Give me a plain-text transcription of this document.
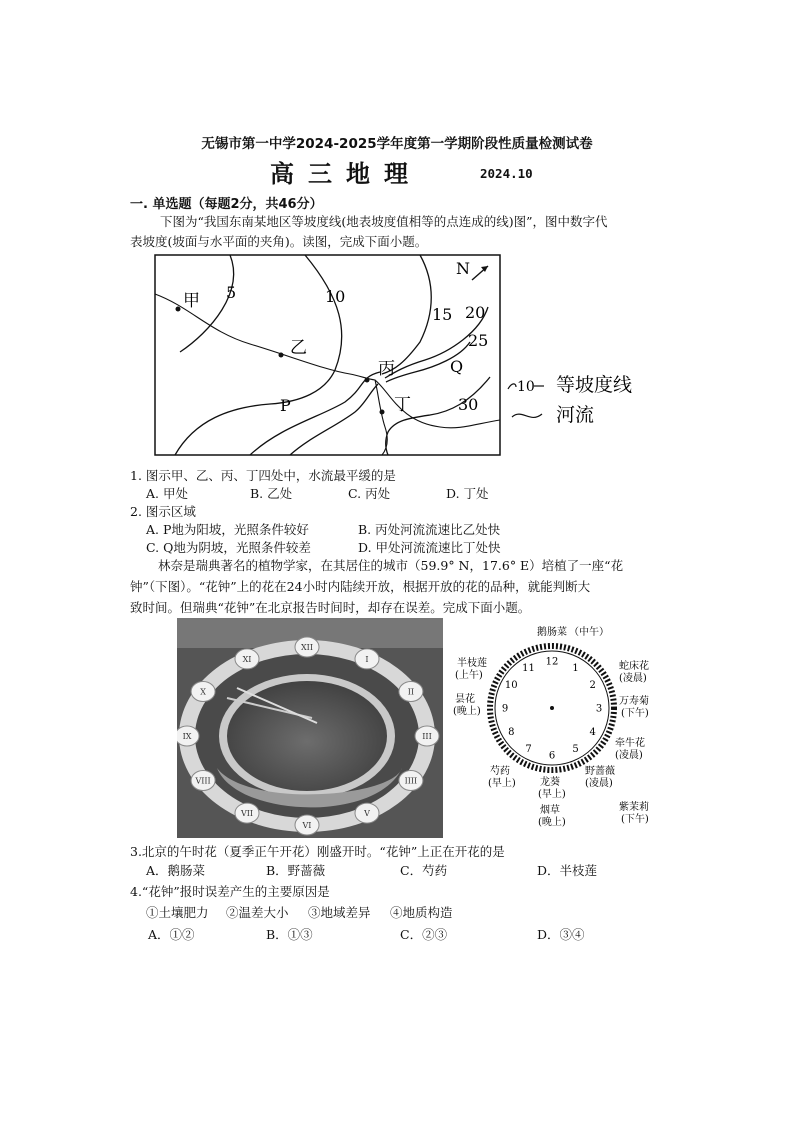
无锡市第一中学2024-2025学年度第一学期阶段性质量检测试卷
高三地理	2024.10
一. 单选题（每题2分，共46分）
下图为“我国东南某地区等坡度线(地表坡度值相等的点连成的线)图”，图中数字代
表坡度(坡面与水平面的夹角)。读图，完成下面小题。
甲
乙
丙
丁
P
Q
5	10
15 20
25
30
N
10 等坡度线
河流
1. 图示甲、乙、丙、丁四处中，水流最平缓的是
A. 甲处	B. 乙处	C. 丙处	D. 丁处
2. 图示区域
A. P地为阳坡，光照条件较好	B. 丙处河流流速比乙处快
C. Q地为阴坡，光照条件较差	D. 甲处河流流速比丁处快
林奈是瑞典著名的植物学家，在其居住的城市（59.9° N，17.6° E）培植了一座“花
钟”（下图）。“花钟”上的花在24小时内陆续开放，根据开放的花的品种，就能判断大
致时间。但瑞典“花钟”在北京报告时间时，却存在误差。完成下面小题。
XII
I
II
III
IIII
V
VI
VII
VIII
IX
X
XI	12
1
2
3
4
5
6
7
8
9
10
11
鹅肠菜 （中午）
蛇床花
(凌晨)
万寿菊
(下午)
牵牛花
(凌晨)
紫茉莉
(下午)
野蔷薇
(凌晨)
龙葵
(早上)
烟草
(晚上)
芍药
(早上)
昙花
(晚上)
半枝莲
(上午)
3.北京的午时花（夏季正午开花）刚盛开时。“花钟”上正在开花的是
A．鹅肠菜	B．野蔷薇	C．芍药	D．半枝莲
4.“花钟”报时误差产生的主要原因是
①土壤肥力 ②温差大小 ③地域差异 ④地质构造
A．①②	B．①③	C．②③	D．③④
